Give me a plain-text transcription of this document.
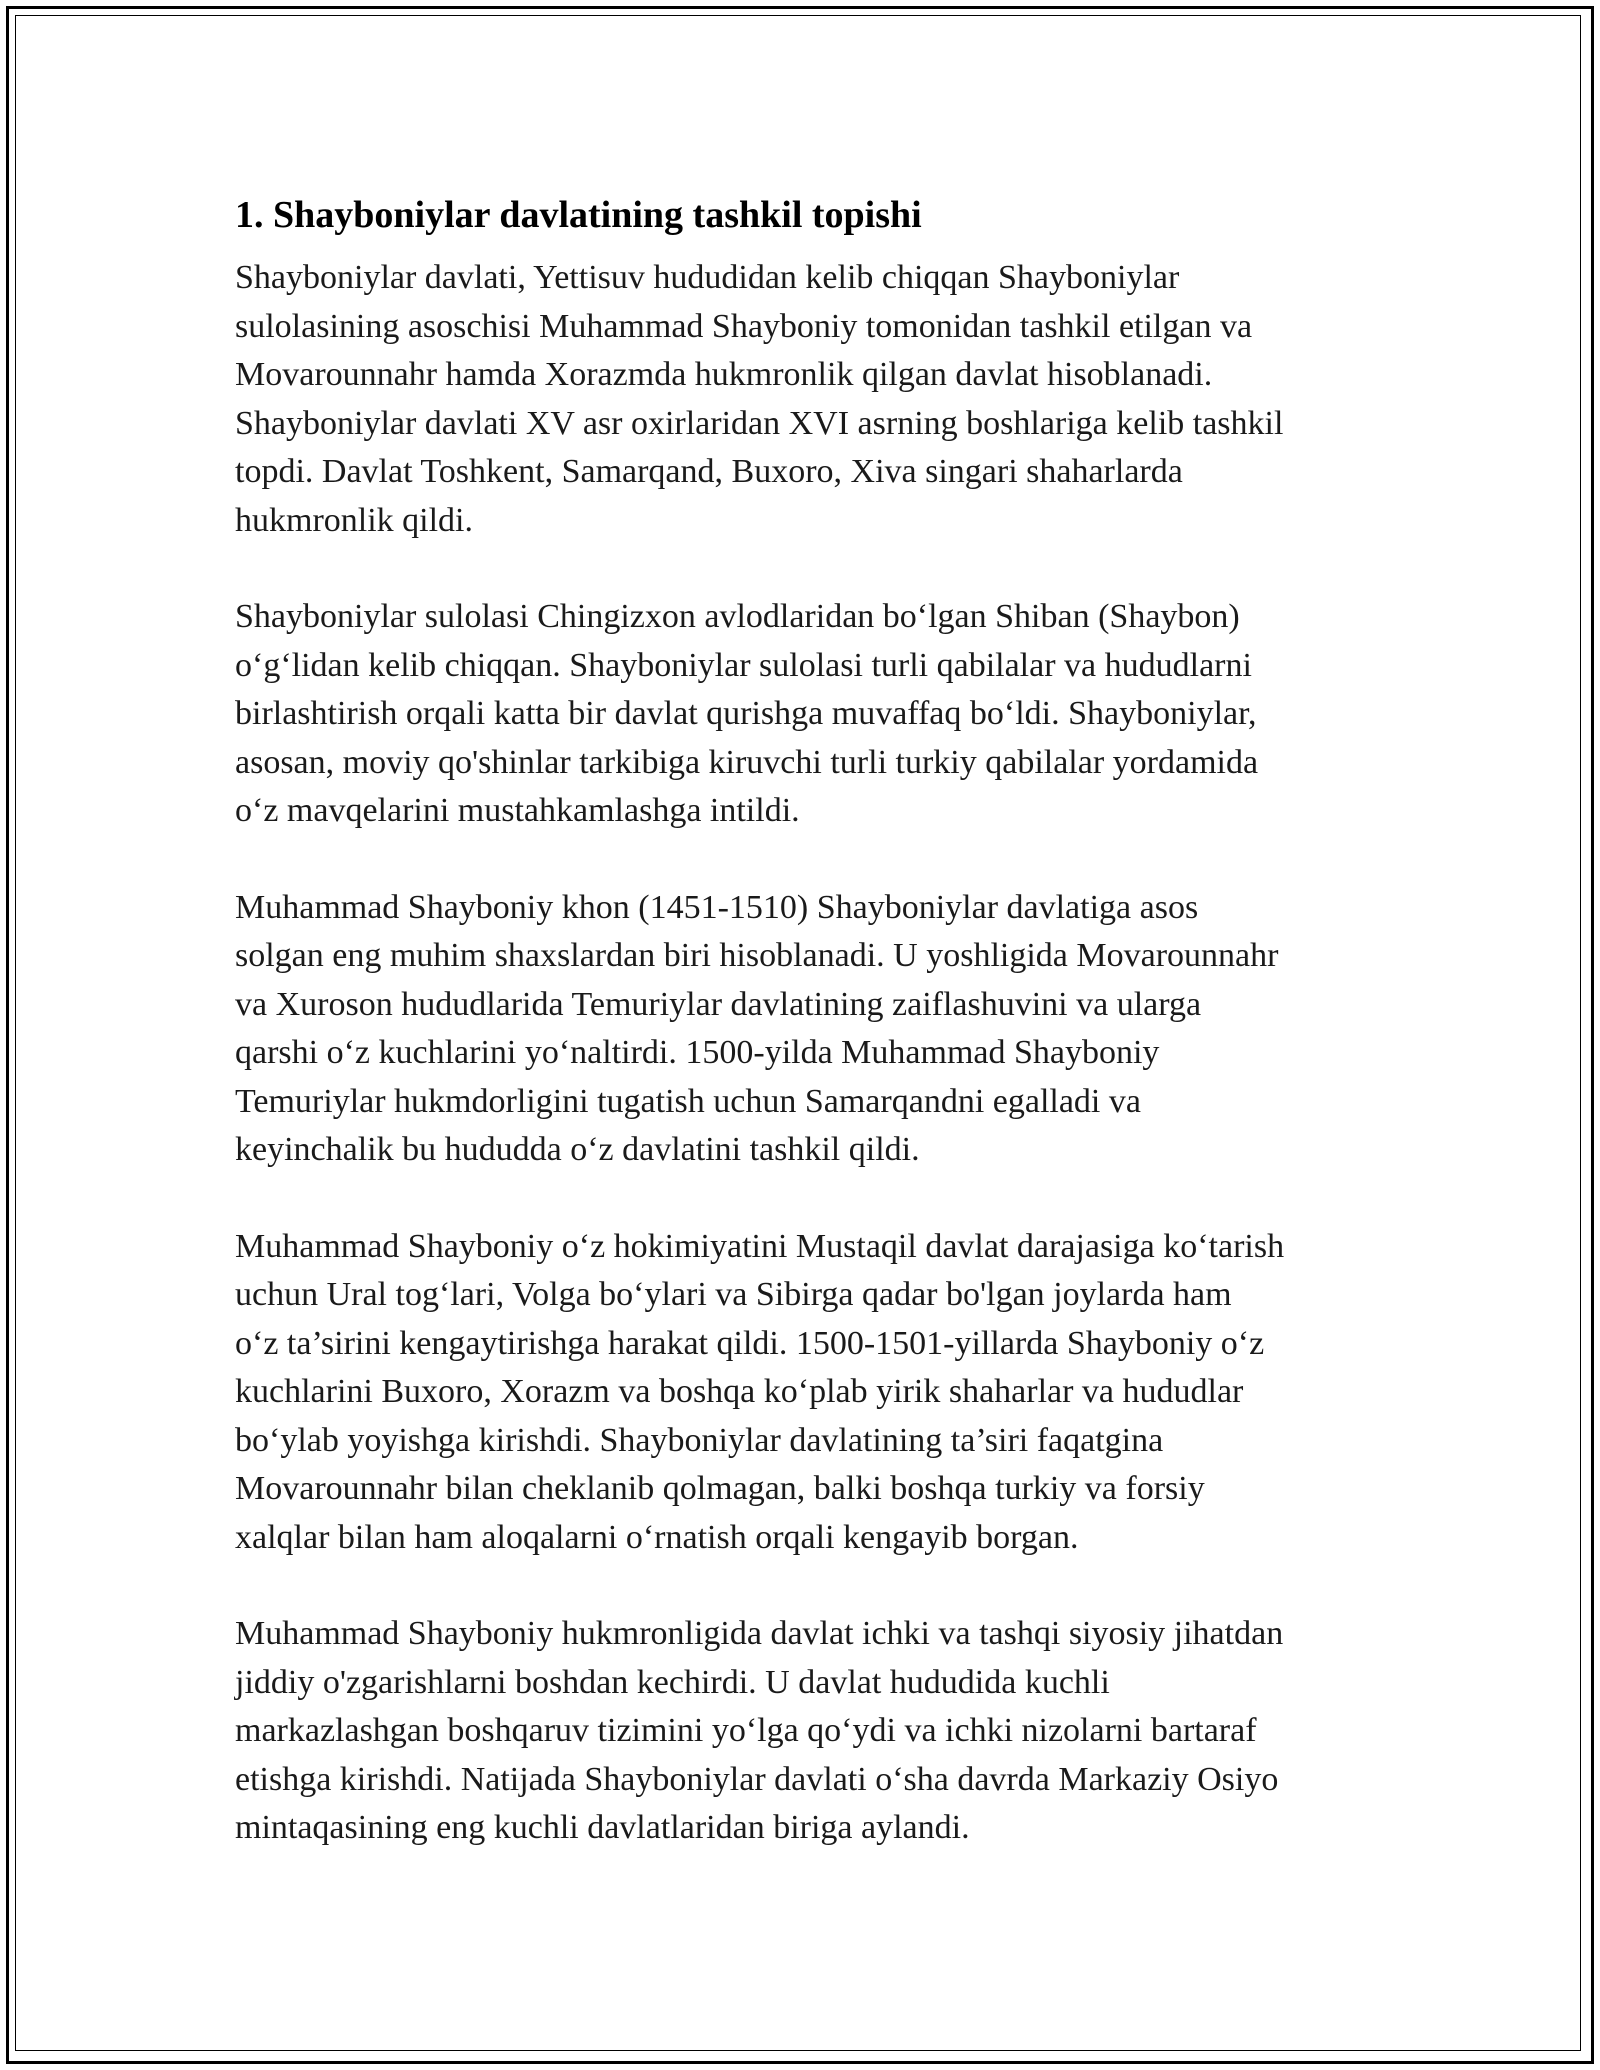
1. Shayboniylar davlatining tashkil topishi

Shayboniylar davlati, Yettisuv hududidan kelib chiqqan Shayboniylar
sulolasining asoschisi Muhammad Shayboniy tomonidan tashkil etilgan va
Movarounnahr hamda Xorazmda hukmronlik qilgan davlat hisoblanadi.
Shayboniylar davlati XV asr oxirlaridan XVI asrning boshlariga kelib tashkil
topdi. Davlat Toshkent, Samarqand, Buxoro, Xiva singari shaharlarda
hukmronlik qildi.

Shayboniylar sulolasi Chingizxon avlodlaridan bo‘lgan Shiban (Shaybon)
o‘g‘lidan kelib chiqqan. Shayboniylar sulolasi turli qabilalar va hududlarni
birlashtirish orqali katta bir davlat qurishga muvaffaq bo‘ldi. Shayboniylar,
asosan, moviy qo'shinlar tarkibiga kiruvchi turli turkiy qabilalar yordamida
o‘z mavqelarini mustahkamlashga intildi.

Muhammad Shayboniy khon (1451-1510) Shayboniylar davlatiga asos
solgan eng muhim shaxslardan biri hisoblanadi. U yoshligida Movarounnahr
va Xuroson hududlarida Temuriylar davlatining zaiflashuvini va ularga
qarshi o‘z kuchlarini yo‘naltirdi. 1500-yilda Muhammad Shayboniy
Temuriylar hukmdorligini tugatish uchun Samarqandni egalladi va
keyinchalik bu hududda o‘z davlatini tashkil qildi.

Muhammad Shayboniy o‘z hokimiyatini Mustaqil davlat darajasiga ko‘tarish
uchun Ural tog‘lari, Volga bo‘ylari va Sibirga qadar bo'lgan joylarda ham
o‘z ta’sirini kengaytirishga harakat qildi. 1500-1501-yillarda Shayboniy o‘z
kuchlarini Buxoro, Xorazm va boshqa ko‘plab yirik shaharlar va hududlar
bo‘ylab yoyishga kirishdi. Shayboniylar davlatining ta’siri faqatgina
Movarounnahr bilan cheklanib qolmagan, balki boshqa turkiy va forsiy
xalqlar bilan ham aloqalarni o‘rnatish orqali kengayib borgan.

Muhammad Shayboniy hukmronligida davlat ichki va tashqi siyosiy jihatdan
jiddiy o'zgarishlarni boshdan kechirdi. U davlat hududida kuchli
markazlashgan boshqaruv tizimini yo‘lga qo‘ydi va ichki nizolarni bartaraf
etishga kirishdi. Natijada Shayboniylar davlati o‘sha davrda Markaziy Osiyo
mintaqasining eng kuchli davlatlaridan biriga aylandi.
